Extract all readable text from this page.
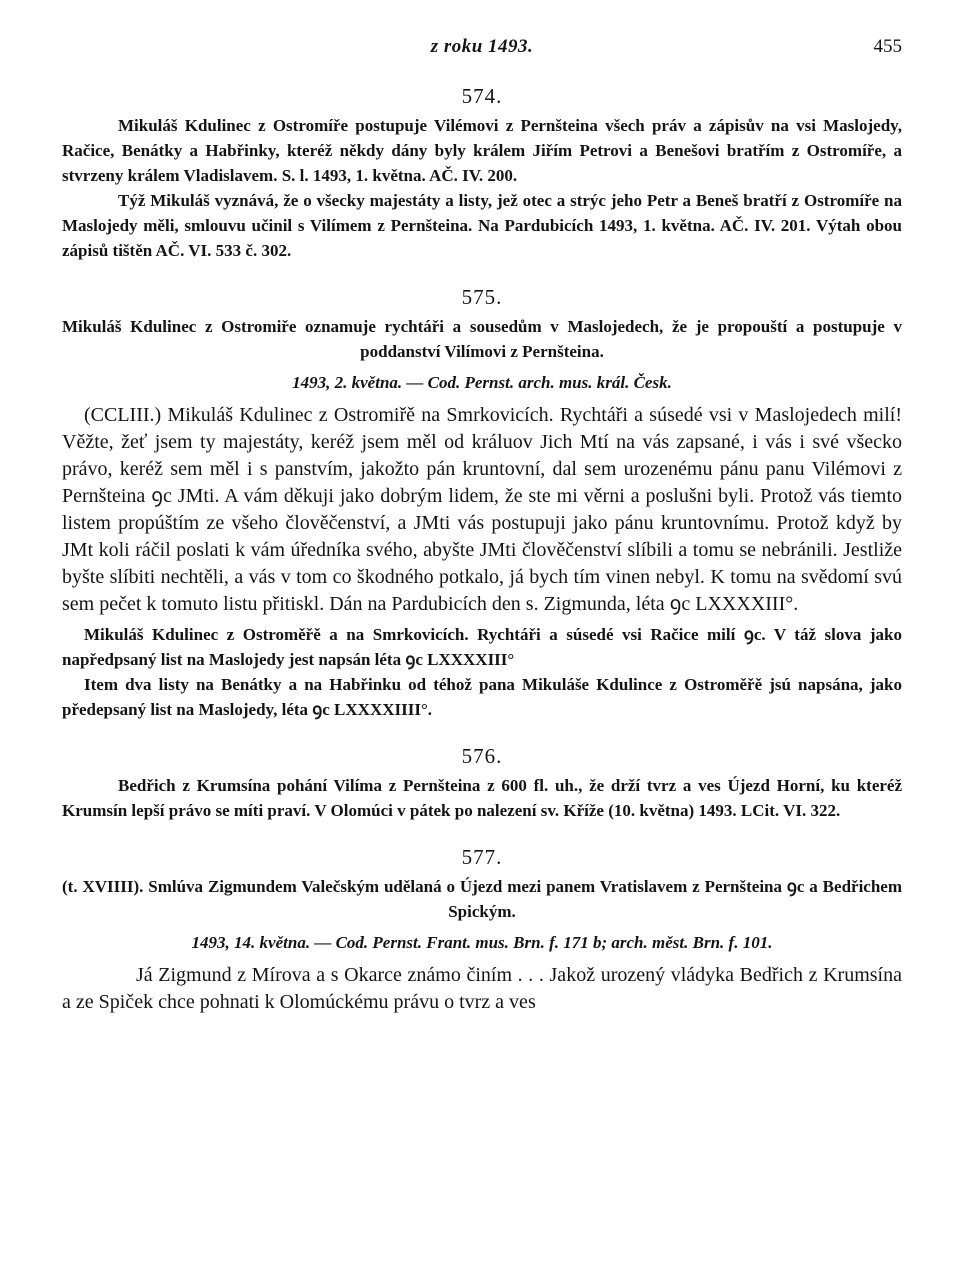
z roku 1493.	455
574.

Mikuláš Kdulinec z Ostromíře postupuje Vilémovi z Pernšteina všech práv a zápisův na vsi Maslojedy, Račice, Benátky a Habřinky, kteréž někdy dány byly králem Jiřím Petrovi a Benešovi bratřím z Ostromíře, a stvrzeny králem Vladislavem. S. l. 1493, 1. května. AČ. IV. 200.

Týž Mikuláš vyznává, že o všecky majestáty a listy, jež otec a strýc jeho Petr a Beneš bratří z Ostromíře na Maslojedy měli, smlouvu učinil s Vilímem z Pernšteina. Na Pardubicích 1493, 1. května. AČ. IV. 201. Výtah obou zápisů tištěn AČ. VI. 533 č. 302.

575.

Mikuláš Kdulinec z Ostromiře oznamuje rychtáři a sousedům v Maslojedech, že je propouští a postupuje v poddanství Vilímovi z Pernšteina.

1493, 2. května. — Cod. Pernst. arch. mus. král. Česk.

(CCLIII.) Mikuláš Kdulinec z Ostromiřě na Smrkovicích. Rychtáři a súsedé vsi v Maslojedech milí! Věžte, žeť jsem ty majestáty, keréž jsem měl od králuov Jich Mtí na vás zapsané, i vás i své všecko právo, keréž sem měl i s panstvím, jakožto pán kruntovní, dal sem urozenému pánu panu Vilémovi z Pernšteina ꝯc JMti. A vám děkuji jako dobrým lidem, že ste mi věrni a poslušni byli. Protož vás tiemto listem propúštím ze všeho člověčenství, a JMti vás postupuji jako pánu kruntovnímu. Protož když by JMt koli ráčil poslati k vám úředníka svého, abyšte JMti člověčenství slíbili a tomu se nebránili. Jestliže byšte slíbiti nechtěli, a vás v tom co škodného potkalo, já bych tím vinen nebyl. K tomu na svědomí svú sem pečet k tomuto listu přitiskl. Dán na Pardubicích den s. Zigmunda, léta ꝯc LXXXXIII°.

Mikuláš Kdulinec z Ostroměřě a na Smrkovicích. Rychtáři a súsedé vsi Račice milí ꝯc. V táž slova jako napředpsaný list na Maslojedy jest napsán léta ꝯc LXXXXIII°

Item dva listy na Benátky a na Habřinku od téhož pana Mikuláše Kdulince z Ostroměřě jsú napsána, jako předepsaný list na Maslojedy, léta ꝯc LXXXXIIII°.

576.

Bedřich z Krumsína pohání Vilíma z Pernšteina z 600 fl. uh., že drží tvrz a ves Újezd Horní, ku kteréž Krumsín lepší právo se míti praví. V Olomúci v pátek po nalezení sv. Kříže (10. května) 1493. LCit. VI. 322.

577.

(t. XVIIII). Smlúva Zigmundem Valečským udělaná o Újezd mezi panem Vratislavem z Pernšteina ꝯc a Bedřichem Spickým.

1493, 14. května. — Cod. Pernst. Frant. mus. Brn. f. 171 b; arch. měst. Brn. f. 101.

Já Zigmund z Mírova a s Okarce známo činím . . . Jakož urozený vládyka Bedřich z Krumsína a ze Spiček chce pohnati k Olomúckému právu o tvrz a ves
